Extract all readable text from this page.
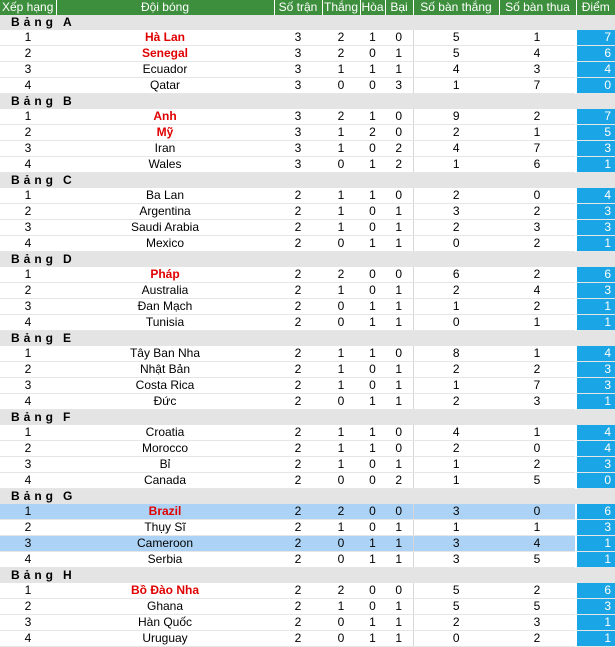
Xếp hạng	Đội bóng	Số trận	Thắng	Hòa	Bại	Số bàn thắng	Số bàn thua	Điểm
Bảng A								
1	Hà Lan	3	2	1	0	5	1	7
2	Senegal	3	2	0	1	5	4	6
3	Ecuador	3	1	1	1	4	3	4
4	Qatar	3	0	0	3	1	7	0
Bảng B								
1	Anh	3	2	1	0	9	2	7
2	Mỹ	3	1	2	0	2	1	5
3	Iran	3	1	0	2	4	7	3
4	Wales	3	0	1	2	1	6	1
Bảng C								
1	Ba Lan	2	1	1	0	2	0	4
2	Argentina	2	1	0	1	3	2	3
3	Saudi Arabia	2	1	0	1	2	3	3
4	Mexico	2	0	1	1	0	2	1
Bảng D								
1	Pháp	2	2	0	0	6	2	6
2	Australia	2	1	0	1	2	4	3
3	Đan Mạch	2	0	1	1	1	2	1
4	Tunisia	2	0	1	1	0	1	1
Bảng E								
1	Tây Ban Nha	2	1	1	0	8	1	4
2	Nhật Bản	2	1	0	1	2	2	3
3	Costa Rica	2	1	0	1	1	7	3
4	Đức	2	0	1	1	2	3	1
Bảng F								
1	Croatia	2	1	1	0	4	1	4
2	Morocco	2	1	1	0	2	0	4
3	Bỉ	2	1	0	1	1	2	3
4	Canada	2	0	0	2	1	5	0
Bảng G								
1	Brazil	2	2	0	0	3	0	6
2	Thụy Sĩ	2	1	0	1	1	1	3
3	Cameroon	2	0	1	1	3	4	1
4	Serbia	2	0	1	1	3	5	1
Bảng H								
1	Bồ Đào Nha	2	2	0	0	5	2	6
2	Ghana	2	1	0	1	5	5	3
3	Hàn Quốc	2	0	1	1	2	3	1
4	Uruguay	2	0	1	1	0	2	1
